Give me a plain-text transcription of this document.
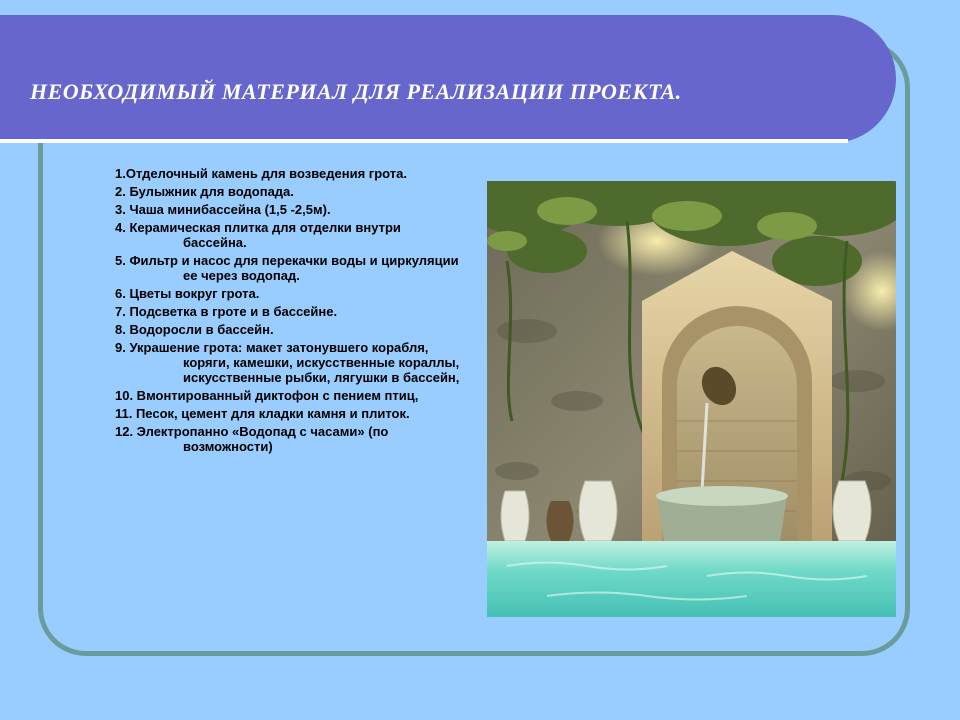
НЕОБХОДИМЫЙ МАТЕРИАЛ ДЛЯ РЕАЛИЗАЦИИ ПРОЕКТА.
1.Отделочный камень для возведения грота.
2. Булыжник для водопада.
3. Чаша минибассейна (1,5 -2,5м).
4. Керамическая плитка для отделки внутри бассейна.
5. Фильтр и насос для перекачки воды и циркуляции ее через водопад.
6. Цветы вокруг грота.
7. Подсветка в гроте и в бассейне.
8. Водоросли в бассейн.
9. Украшение грота: макет затонувшего корабля, коряги, камешки, искусственные кораллы, искусственные рыбки, лягушки в бассейн,
10. Вмонтированный диктофон с пением птиц,
11. Песок, цемент для кладки камня и плиток.
12. Электропанно «Водопад с часами» (по возможности)
